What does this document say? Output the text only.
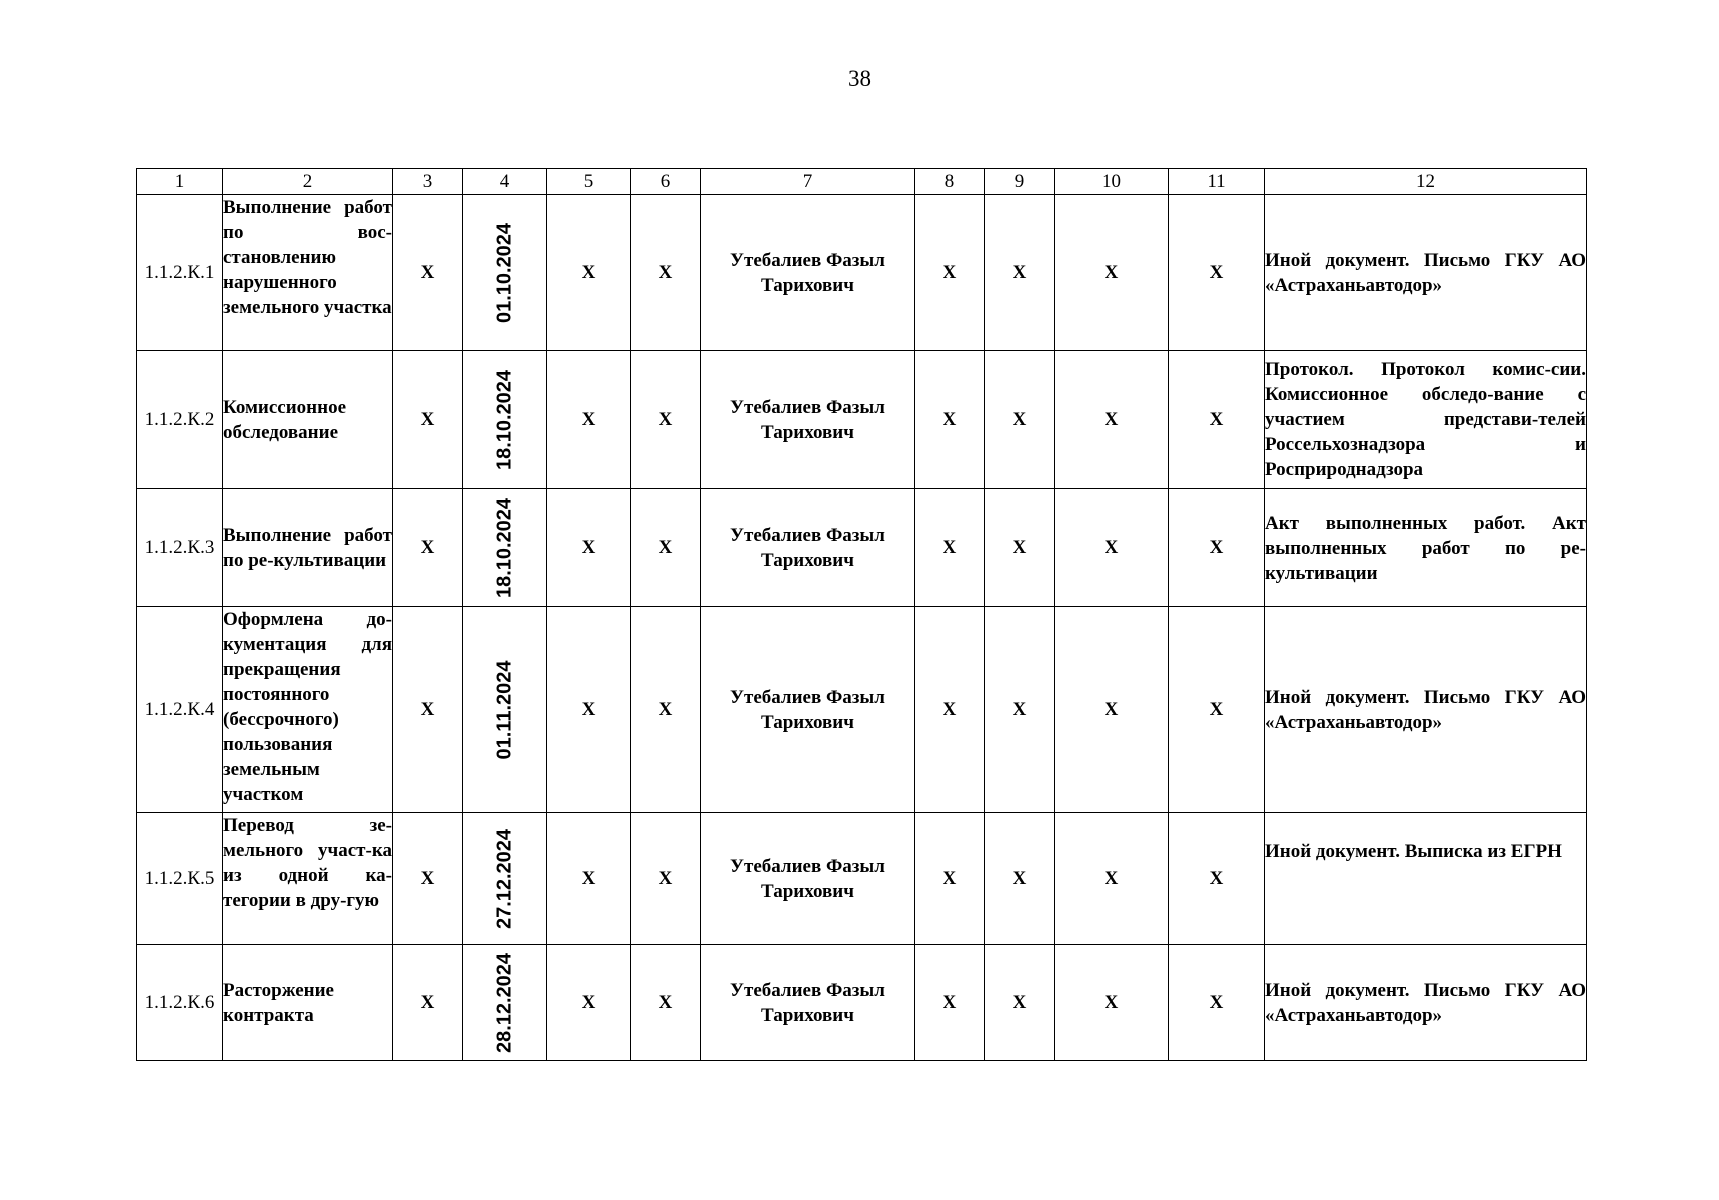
38
1	2	3	4	5	6	7	8	9	10	11	12
1.1.2.К.1	Выполнение работ по вос-становлению нарушенного земельного участка	X	01.10.2024	X	X	Утебалиев Фазыл Тарихович	X	X	X	X	Иной документ. Письмо ГКУ АО «Астраханьавтодор»
1.1.2.К.2	Комиссионное обследование	X	18.10.2024	X	X	Утебалиев Фазыл Тарихович	X	X	X	X	Протокол. Протокол комис-сии. Комиссионное обследо-вание с участием представи-телей Россельхознадзора и Росприроднадзора
1.1.2.К.3	Выполнение работ по ре-культивации	X	18.10.2024	X	X	Утебалиев Фазыл Тарихович	X	X	X	X	Акт выполненных работ. Акт выполненных работ по ре-культивации
1.1.2.К.4	Оформлена до-кументация для прекращения постоянного (бессрочного) пользования земельным участком	X	01.11.2024	X	X	Утебалиев Фазыл Тарихович	X	X	X	X	Иной документ. Письмо ГКУ АО «Астраханьавтодор»
1.1.2.К.5	Перевод зе-мельного участ-ка из одной ка-тегории в дру-гую	X	27.12.2024	X	X	Утебалиев Фазыл Тарихович	X	X	X	X	Иной документ. Выписка из ЕГРН
1.1.2.К.6	Расторжение контракта	X	28.12.2024	X	X	Утебалиев Фазыл Тарихович	X	X	X	X	Иной документ. Письмо ГКУ АО «Астраханьавтодор»
